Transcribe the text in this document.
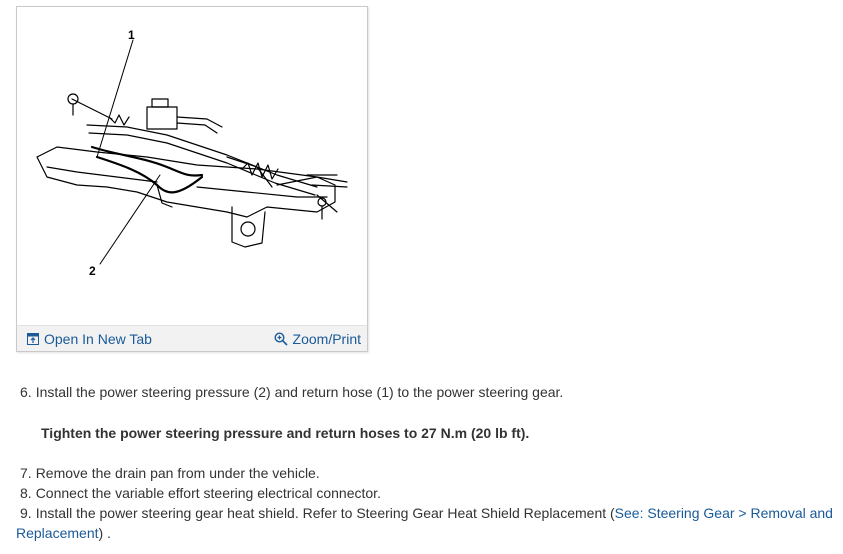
1
2
Open In New Tab	Zoom/Print
6. Install the power steering pressure (2) and return hose (1) to the power steering gear.
Tighten the power steering pressure and return hoses to 27 N.m (20 lb ft).
7. Remove the drain pan from under the vehicle.
8. Connect the variable effort steering electrical connector.
9. Install the power steering gear heat shield. Refer to Steering Gear Heat Shield Replacement (See: Steering Gear > Removal and
Replacement) .
